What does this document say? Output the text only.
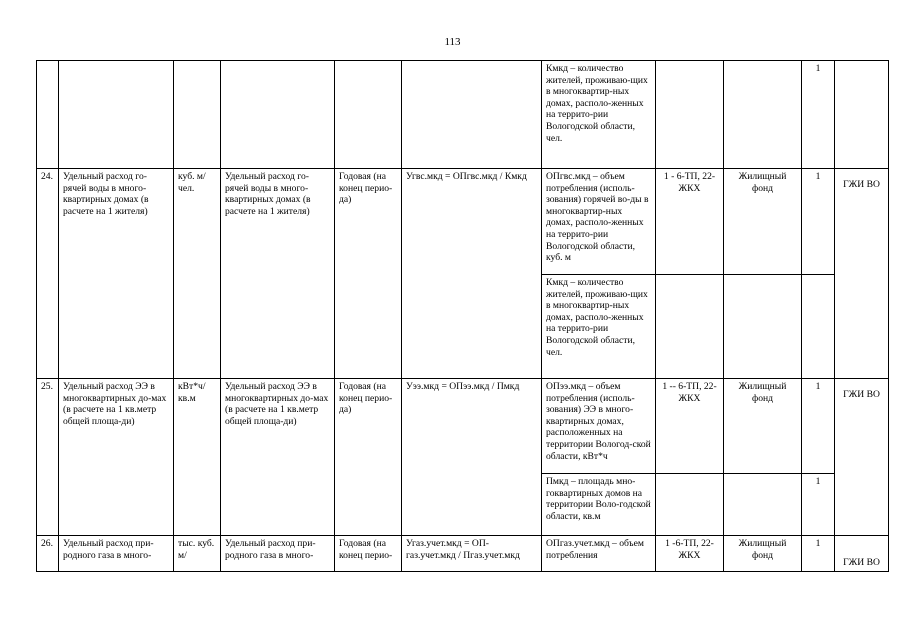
113
						Кмкд – количество жителей, проживаю-щих в многоквартир-ных домах, располо-женных на террито-рии Вологодской области, чел.			1	
24.	Удельный расход го-рячей воды в много-квартирных домах (в расчете на 1 жителя)	куб. м/ чел.	Удельный расход го-рячей воды в много-квартирных домах (в расчете на 1 жителя)	Годовая (на конец перио-да)	Угвс.мкд = ОПгвс.мкд / Кмкд	ОПгвс.мкд – объем потребления (исполь-зования) горячей во-ды в многоквартир-ных домах, располо-женных на террито-рии Вологодской области, куб. м	1 - 6-ТП, 22-ЖКХ	Жилищный фонд	1	ГЖИ ВО
						Кмкд – количество жителей, проживаю-щих в многоквартир-ных домах, располо-женных на террито-рии Вологодской области, чел.				
25.	Удельный расход ЭЭ в многоквартирных до-мах (в расчете на 1 кв.метр общей площа-ди)	кВт*ч/ кв.м	Удельный расход ЭЭ в многоквартирных до-мах (в расчете на 1 кв.метр общей площа-ди)	Годовая (на конец перио-да)	Уээ.мкд = ОПээ.мкд / Пмкд	ОПээ.мкд – объем потребления (исполь-зования) ЭЭ в много-квартирных домах, расположенных на территории Вологод-ской области, кВт*ч	1 -- 6-ТП, 22-ЖКХ	Жилищный фонд	1	ГЖИ ВО
						Пмкд – площадь мно-гоквартирных домов на территории Воло-годской области, кв.м			1	
26.	Удельный расход при-родного газа в много-	тыс. куб. м/	Удельный расход при-родного газа в много-	Годовая (на конец перио-	Угаз.учет.мкд = ОП-газ.учет.мкд / Пгаз.учет.мкд	ОПгаз.учет.мкд – объем потребления	1 -6-ТП, 22-ЖКХ	Жилищный фонд	1	ГЖИ ВО
